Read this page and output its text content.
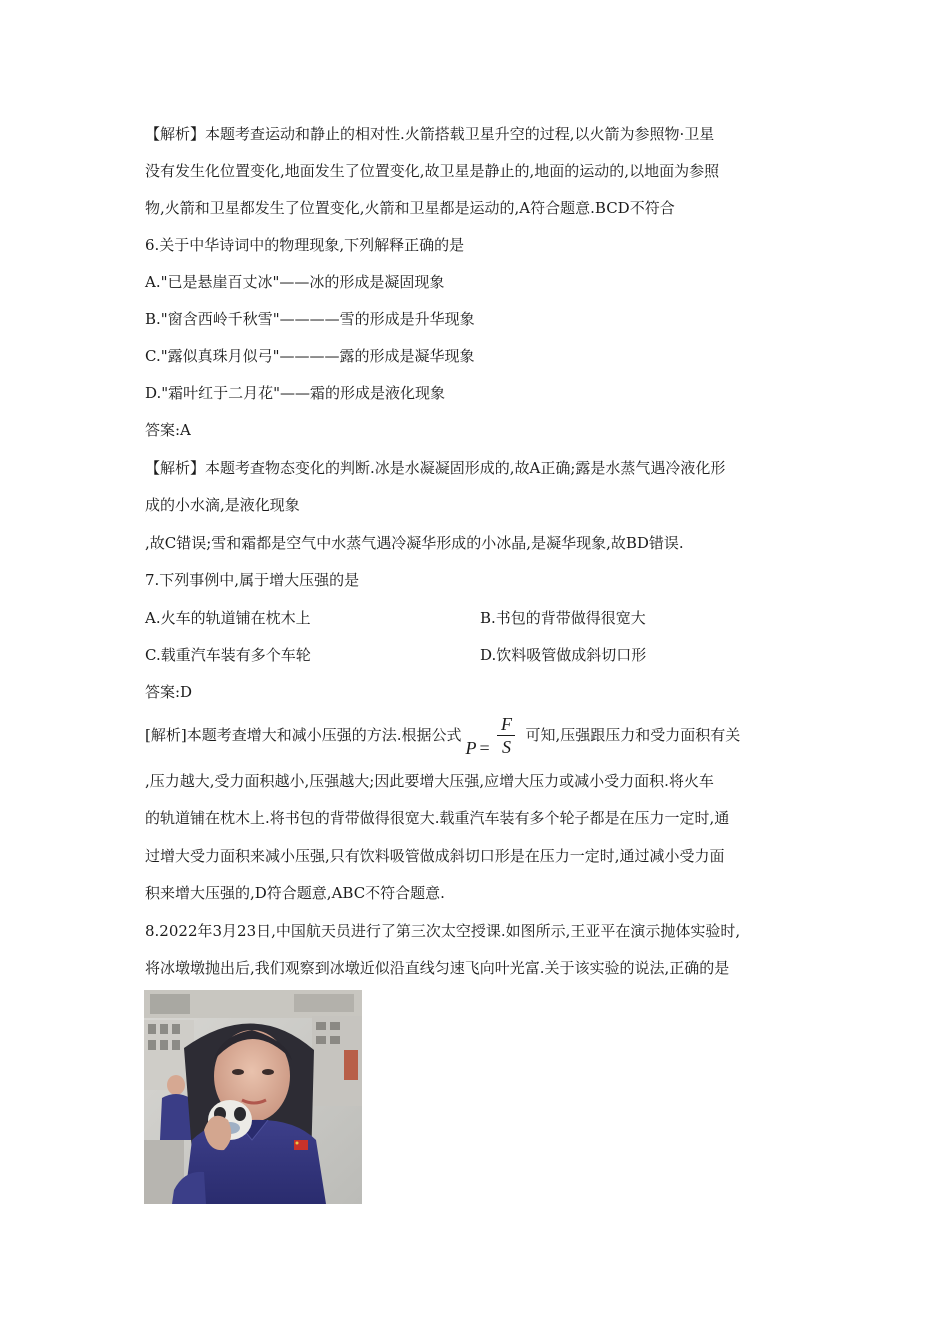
【解析】本题考查运动和静止的相对性.火箭搭载卫星升空的过程,以火箭为参照物·卫星
没有发生化位置变化,地面发生了位置变化,故卫星是静止的,地面的运动的,以地面为参照
物,火箭和卫星都发生了位置变化,火箭和卫星都是运动的,A符合题意.BCD不符合
6.关于中华诗词中的物理现象,下列解释正确的是
A."已是悬崖百丈冰"——冰的形成是凝固现象
B."窗含西岭千秋雪"————雪的形成是升华现象
C."露似真珠月似弓"————露的形成是凝华现象
D."霜叶红于二月花"——霜的形成是液化现象
答案:A
【解析】本题考查物态变化的判断.冰是水凝凝固形成的,故A正确;露是水蒸气遇冷液化形
成的小水滴,是液化现象
,故C错误;雪和霜都是空气中水蒸气遇冷凝华形成的小冰晶,是凝华现象,故BD错误.
7.下列事例中,属于增大压强的是
A.火车的轨道铺在枕木上	B.书包的背带做得很宽大
C.载重汽车装有多个车轮	D.饮料吸管做成斜切口形
答案:D
[解析]本题考查增大和减小压强的方法.根据公式
P =
F
S
可知,压强跟压力和受力面积有关
,压力越大,受力面积越小,压强越大;因此要增大压强,应增大压力或减小受力面积.将火车
的轨道铺在枕木上.将书包的背带做得很宽大.载重汽车装有多个轮子都是在压力一定时,通
过增大受力面积来减小压强,只有饮料吸管做成斜切口形是在压力一定时,通过减小受力面
积来增大压强的,D符合题意,ABC不符合题意.
8.2022年3月23日,中国航天员进行了第三次太空授课.如图所示,王亚平在演示抛体实验时,
将冰墩墩抛出后,我们观察到冰墩近似沿直线匀速飞向叶光富.关于该实验的说法,正确的是
